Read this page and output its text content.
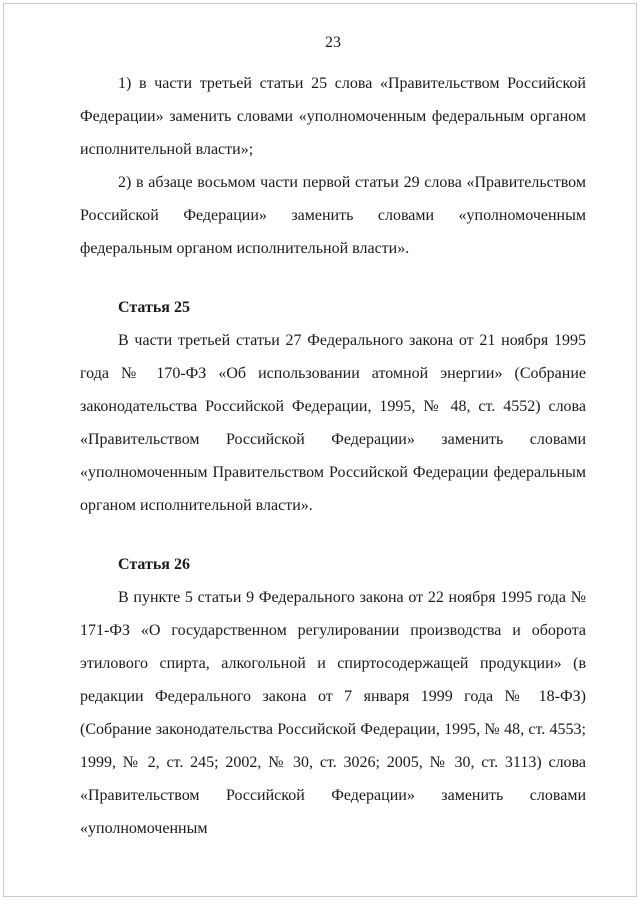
23

1) в части третьей статьи 25 слова «Правительством Российской Федерации» заменить словами «уполномоченным федеральным органом исполнительной власти»;

2) в абзаце восьмом части первой статьи 29 слова «Правительством Российской Федерации» заменить словами «уполномоченным федеральным органом исполнительной власти».

Статья 25

В части третьей статьи 27 Федерального закона от 21 ноября 1995 года № 170-ФЗ «Об использовании атомной энергии» (Собрание законодательства Российской Федерации, 1995, № 48, ст. 4552) слова «Правительством Российской Федерации» заменить словами «уполномоченным Правительством Российской Федерации федеральным органом исполнительной власти».

Статья 26

В пункте 5 статьи 9 Федерального закона от 22 ноября 1995 года № 171-ФЗ «О государственном регулировании производства и оборота этилового спирта, алкогольной и спиртосодержащей продукции» (в редакции Федерального закона от 7 января 1999 года № 18-ФЗ) (Собрание законодательства Российской Федерации, 1995, № 48, ст. 4553; 1999, № 2, ст. 245; 2002, № 30, ст. 3026; 2005, № 30, ст. 3113) слова «Правительством Российской Федерации» заменить словами «уполномоченным
